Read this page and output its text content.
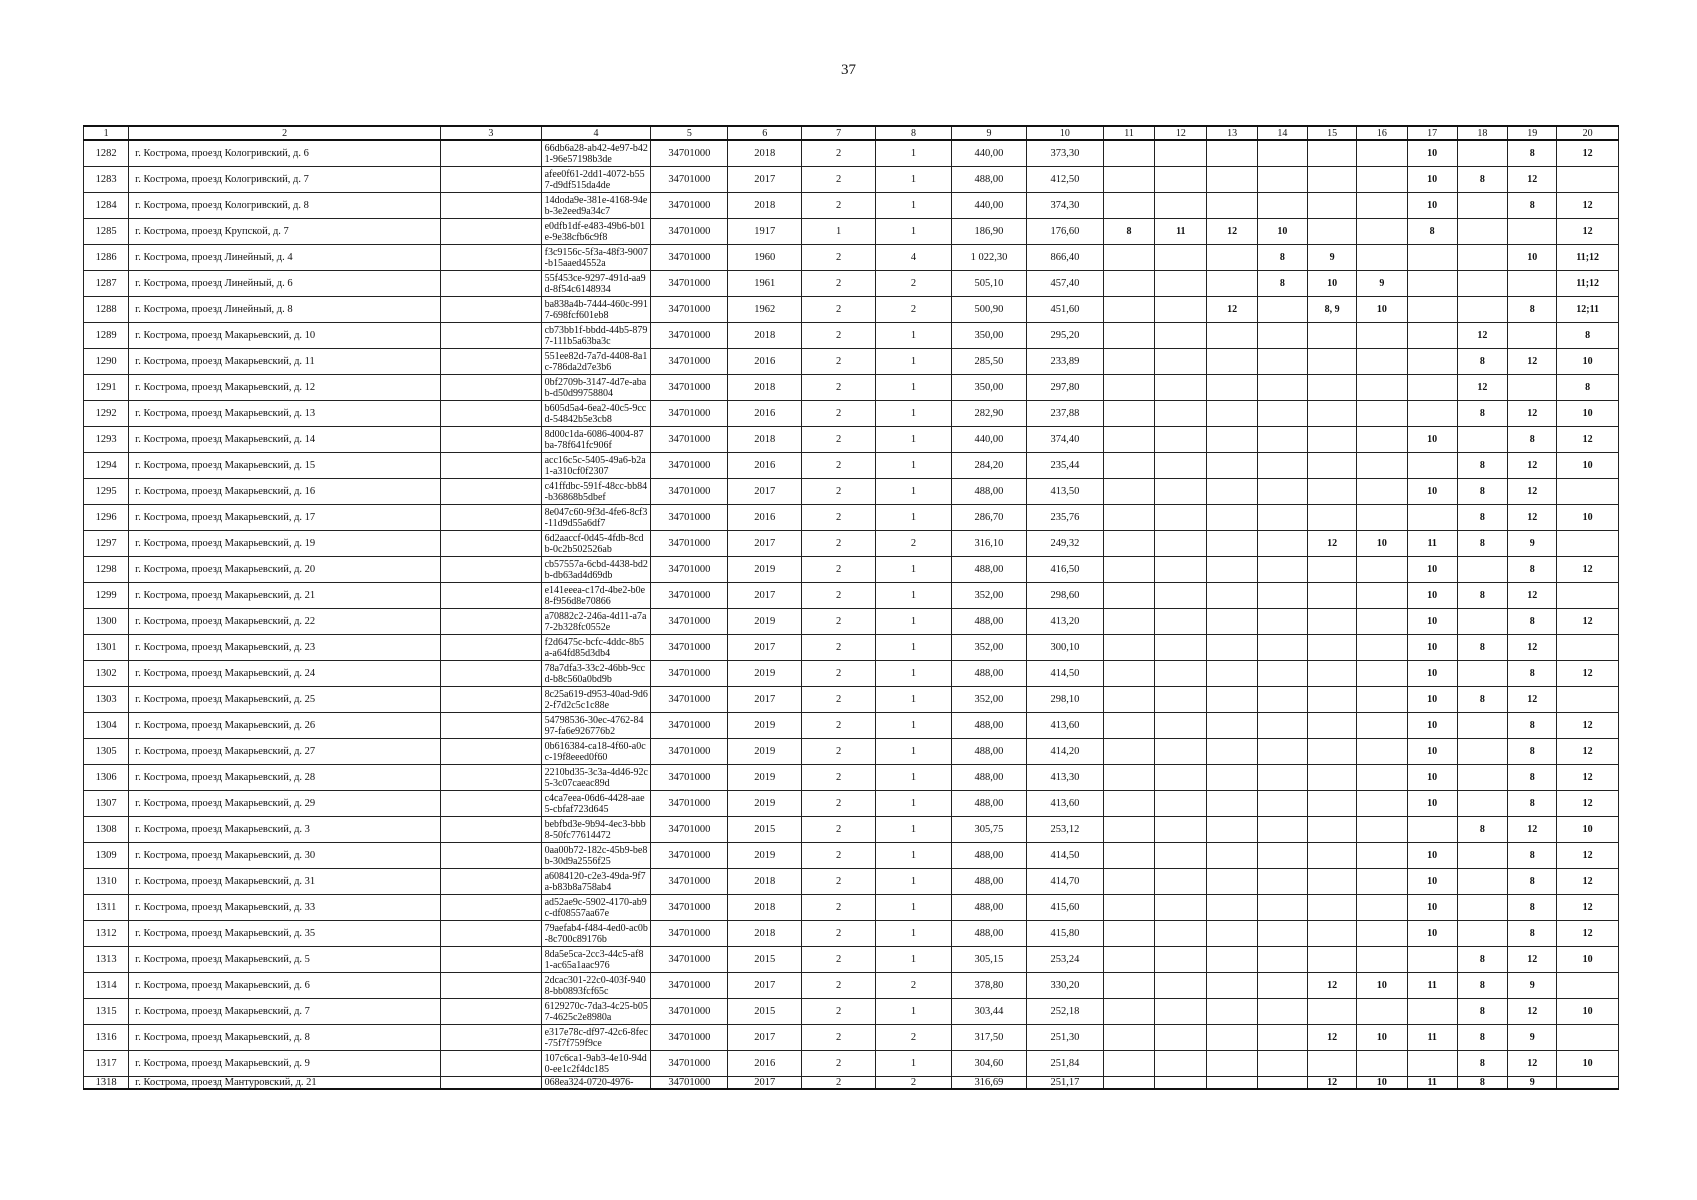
37
1	2	3	4	5	6	7	8	9	10	11	12	13	14	15	16	17	18	19	20
1282	г. Кострома, проезд Кологривский, д. 6		66db6a28-ab42-4e97-b421-96e57198b3de	34701000	2018	2	1	440,00	373,30							10		8	12
1283	г. Кострома, проезд Кологривский, д. 7		afee0f61-2dd1-4072-b557-d9df515da4de	34701000	2017	2	1	488,00	412,50							10	8	12	
1284	г. Кострома, проезд Кологривский, д. 8		14doda9e-381e-4168-94eb-3e2eed9a34c7	34701000	2018	2	1	440,00	374,30							10		8	12
1285	г. Кострома, проезд Крупской, д. 7		e0dfb1df-e483-49b6-b01e-9e38cfb6c9f8	34701000	1917	1	1	186,90	176,60	8	11	12	10			8			12
1286	г. Кострома, проезд Линейный, д. 4		f3c9156c-5f3a-48f3-9007-b15aaed4552a	34701000	1960	2	4	1 022,30	866,40				8	9				10	11;12
1287	г. Кострома, проезд Линейный, д. 6		55f453ce-9297-491d-aa9d-8f54c6148934	34701000	1961	2	2	505,10	457,40				8	10	9				11;12
1288	г. Кострома, проезд Линейный, д. 8		ba838a4b-7444-460c-9917-698fcf601eb8	34701000	1962	2	2	500,90	451,60			12		8, 9	10			8	12;11
1289	г. Кострома, проезд Макарьевский, д. 10		cb73bb1f-bbdd-44b5-8797-111b5a63ba3c	34701000	2018	2	1	350,00	295,20								12		8
1290	г. Кострома, проезд Макарьевский, д. 11		551ee82d-7a7d-4408-8a1c-786da2d7e3b6	34701000	2016	2	1	285,50	233,89								8	12	10
1291	г. Кострома, проезд Макарьевский, д. 12		0bf2709b-3147-4d7e-abab-d50d99758804	34701000	2018	2	1	350,00	297,80								12		8
1292	г. Кострома, проезд Макарьевский, д. 13		b605d5a4-6ea2-40c5-9ccd-54842b5e3cb8	34701000	2016	2	1	282,90	237,88								8	12	10
1293	г. Кострома, проезд Макарьевский, д. 14		8d00c1da-6086-4004-87ba-78f641fc906f	34701000	2018	2	1	440,00	374,40							10		8	12
1294	г. Кострома, проезд Макарьевский, д. 15		acc16c5c-5405-49a6-b2a1-a310cf0f2307	34701000	2016	2	1	284,20	235,44								8	12	10
1295	г. Кострома, проезд Макарьевский, д. 16		c41ffdbc-591f-48cc-bb84-b36868b5dbef	34701000	2017	2	1	488,00	413,50							10	8	12	
1296	г. Кострома, проезд Макарьевский, д. 17		8e047c60-9f3d-4fe6-8cf3-11d9d55a6df7	34701000	2016	2	1	286,70	235,76								8	12	10
1297	г. Кострома, проезд Макарьевский, д. 19		6d2aaccf-0d45-4fdb-8cdb-0c2b502526ab	34701000	2017	2	2	316,10	249,32					12	10	11	8	9	
1298	г. Кострома, проезд Макарьевский, д. 20		cb57557a-6cbd-4438-bd2b-db63ad4d69db	34701000	2019	2	1	488,00	416,50							10		8	12
1299	г. Кострома, проезд Макарьевский, д. 21		e141eeea-c17d-4be2-b0e8-f956d8e70866	34701000	2017	2	1	352,00	298,60							10	8	12	
1300	г. Кострома, проезд Макарьевский, д. 22		a70882c2-246a-4d11-a7a7-2b328fc0552e	34701000	2019	2	1	488,00	413,20							10		8	12
1301	г. Кострома, проезд Макарьевский, д. 23		f2d6475c-bcfc-4ddc-8b5a-a64fd85d3db4	34701000	2017	2	1	352,00	300,10							10	8	12	
1302	г. Кострома, проезд Макарьевский, д. 24		78a7dfa3-33c2-46bb-9ccd-b8c560a0bd9b	34701000	2019	2	1	488,00	414,50							10		8	12
1303	г. Кострома, проезд Макарьевский, д. 25		8c25a619-d953-40ad-9d62-f7d2c5c1c88e	34701000	2017	2	1	352,00	298,10							10	8	12	
1304	г. Кострома, проезд Макарьевский, д. 26		54798536-30ec-4762-8497-fa6e926776b2	34701000	2019	2	1	488,00	413,60							10		8	12
1305	г. Кострома, проезд Макарьевский, д. 27		0b616384-ca18-4f60-a0cc-19f8eeed0f60	34701000	2019	2	1	488,00	414,20							10		8	12
1306	г. Кострома, проезд Макарьевский, д. 28		2210bd35-3c3a-4d46-92c5-3c07caeac89d	34701000	2019	2	1	488,00	413,30							10		8	12
1307	г. Кострома, проезд Макарьевский, д. 29		c4ca7eea-06d6-4428-aae5-cbfaf723d645	34701000	2019	2	1	488,00	413,60							10		8	12
1308	г. Кострома, проезд Макарьевский, д. 3		bebfbd3e-9b94-4ec3-bbb8-50fc77614472	34701000	2015	2	1	305,75	253,12								8	12	10
1309	г. Кострома, проезд Макарьевский, д. 30		0aa00b72-182c-45b9-be8b-30d9a2556f25	34701000	2019	2	1	488,00	414,50							10		8	12
1310	г. Кострома, проезд Макарьевский, д. 31		a6084120-c2e3-49da-9f7a-b83b8a758ab4	34701000	2018	2	1	488,00	414,70							10		8	12
1311	г. Кострома, проезд Макарьевский, д. 33		ad52ae9c-5902-4170-ab9c-df08557aa67e	34701000	2018	2	1	488,00	415,60							10		8	12
1312	г. Кострома, проезд Макарьевский, д. 35		79aefab4-f484-4ed0-ac0b-8c700c89176b	34701000	2018	2	1	488,00	415,80							10		8	12
1313	г. Кострома, проезд Макарьевский, д. 5		8da5e5ca-2cc3-44c5-af81-ac65a1aac976	34701000	2015	2	1	305,15	253,24								8	12	10
1314	г. Кострома, проезд Макарьевский, д. 6		2dcac301-22c0-403f-9408-bb0893fcf65c	34701000	2017	2	2	378,80	330,20					12	10	11	8	9	
1315	г. Кострома, проезд Макарьевский, д. 7		6129270c-7da3-4c25-b057-4625c2e8980a	34701000	2015	2	1	303,44	252,18								8	12	10
1316	г. Кострома, проезд Макарьевский, д. 8		e317e78c-df97-42c6-8fec-75f7f759f9ce	34701000	2017	2	2	317,50	251,30					12	10	11	8	9	
1317	г. Кострома, проезд Макарьевский, д. 9		107c6ca1-9ab3-4e10-94d0-ee1c2f4dc185	34701000	2016	2	1	304,60	251,84								8	12	10
1318	г. Кострома, проезд Мантуровский, д. 21		068ea324-0720-4976-	34701000	2017	2	2	316,69	251,17					12	10	11	8	9	
